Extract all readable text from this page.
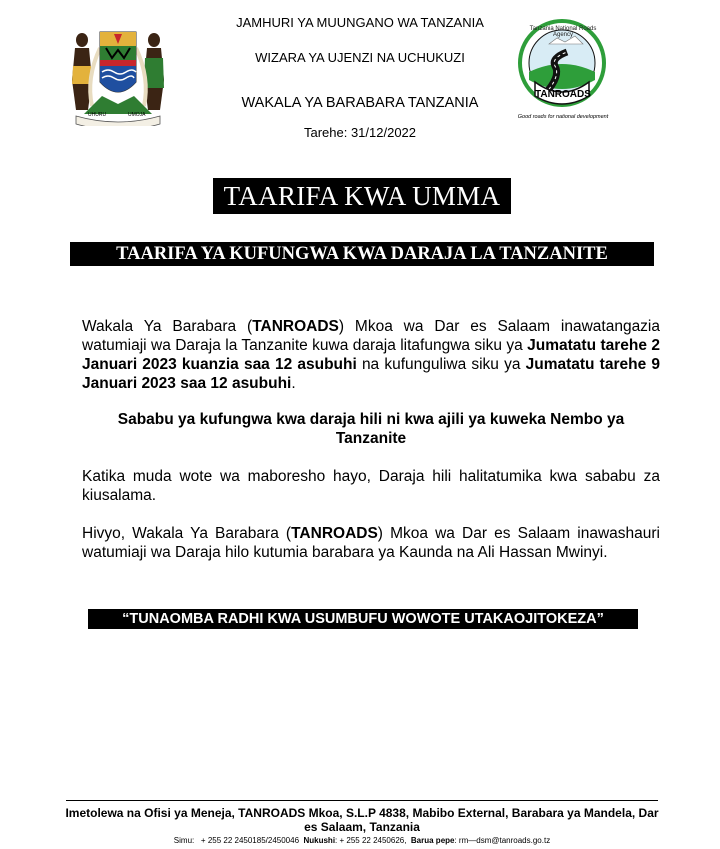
UHURU	UMOJA
JAMHURI YA MUUNGANO WA TANZANIA
WIZARA YA UJENZI NA UCHUKUZI
WAKALA YA BARABARA TANZANIA
Tarehe: 31/12/2022
Tanzania National Roads Agency
TANROADS
Good roads for national development
TAARIFA KWA UMMA
TAARIFA YA KUFUNGWA KWA DARAJA LA TANZANITE
Wakala Ya Barabara (TANROADS) Mkoa wa Dar es Salaam inawatangazia watumiaji wa Daraja la Tanzanite kuwa daraja litafungwa siku ya Jumatatu tarehe 2 Januari 2023 kuanzia saa 12 asubuhi na kufunguliwa siku ya Jumatatu tarehe 9 Januari 2023 saa 12 asubuhi.
Sababu ya kufungwa kwa daraja hili ni kwa ajili ya kuweka Nembo ya Tanzanite
Katika muda wote wa maboresho hayo, Daraja hili halitatumika kwa sababu za kiusalama.
Hivyo, Wakala Ya Barabara (TANROADS) Mkoa wa Dar es Salaam inawashauri watumiaji wa Daraja hilo kutumia barabara ya Kaunda na Ali Hassan Mwinyi.
“TUNAOMBA RADHI KWA USUMBUFU WOWOTE UTAKAOJITOKEZA”
Imetolewa na Ofisi ya Meneja, TANROADS Mkoa, S.L.P 4838, Mabibo External, Barabara ya Mandela, Dar es Salaam, Tanzania
Simu: + 255 22 2450185/2450046 Nukushi: + 255 22 2450626, Barua pepe: rm—dsm@tanroads.go.tz
